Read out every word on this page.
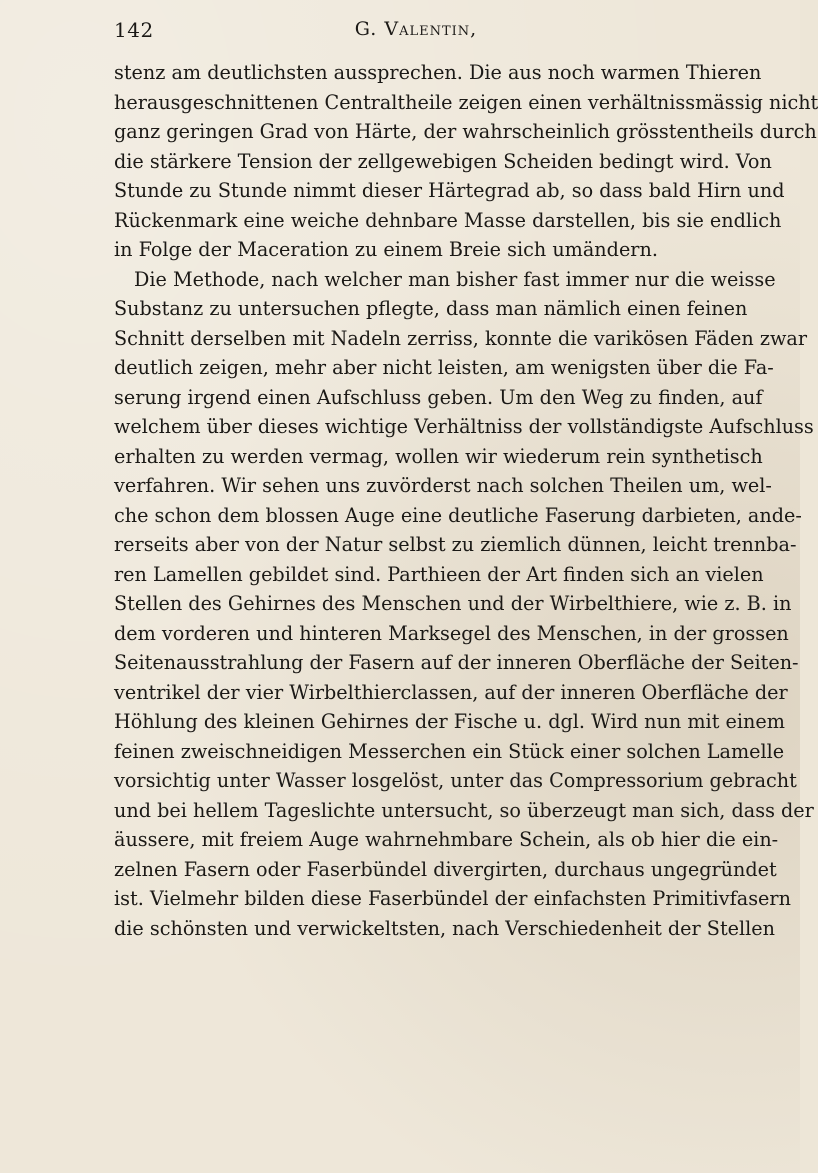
142	G. Valentin,
stenz am deutlichsten aussprechen. Die aus noch warmen Thieren
herausgeschnittenen Centraltheile zeigen einen verhältnissmässig nicht
ganz geringen Grad von Härte, der wahrscheinlich grösstentheils durch
die stärkere Tension der zellgewebigen Scheiden bedingt wird. Von
Stunde zu Stunde nimmt dieser Härtegrad ab, so dass bald Hirn und
Rückenmark eine weiche dehnbare Masse darstellen, bis sie endlich
in Folge der Maceration zu einem Breie sich umändern.
Die Methode, nach welcher man bisher fast immer nur die weisse
Substanz zu untersuchen pflegte, dass man nämlich einen feinen
Schnitt derselben mit Nadeln zerriss, konnte die varikösen Fäden zwar
deutlich zeigen, mehr aber nicht leisten, am wenigsten über die Fa-
serung irgend einen Aufschluss geben. Um den Weg zu finden, auf
welchem über dieses wichtige Verhältniss der vollständigste Aufschluss
erhalten zu werden vermag, wollen wir wiederum rein synthetisch
verfahren. Wir sehen uns zuvörderst nach solchen Theilen um, wel-
che schon dem blossen Auge eine deutliche Faserung darbieten, ande-
rerseits aber von der Natur selbst zu ziemlich dünnen, leicht trennba-
ren Lamellen gebildet sind. Parthieen der Art finden sich an vielen
Stellen des Gehirnes des Menschen und der Wirbelthiere, wie z. B. in
dem vorderen und hinteren Marksegel des Menschen, in der grossen
Seitenausstrahlung der Fasern auf der inneren Oberfläche der Seiten-
ventrikel der vier Wirbelthierclassen, auf der inneren Oberfläche der
Höhlung des kleinen Gehirnes der Fische u. dgl. Wird nun mit einem
feinen zweischneidigen Messerchen ein Stück einer solchen Lamelle
vorsichtig unter Wasser losgelöst, unter das Compressorium gebracht
und bei hellem Tageslichte untersucht, so überzeugt man sich, dass der
äussere, mit freiem Auge wahrnehmbare Schein, als ob hier die ein-
zelnen Fasern oder Faserbündel divergirten, durchaus ungegründet
ist. Vielmehr bilden diese Faserbündel der einfachsten Primitivfasern
die schönsten und verwickeltsten, nach Verschiedenheit der Stellen
